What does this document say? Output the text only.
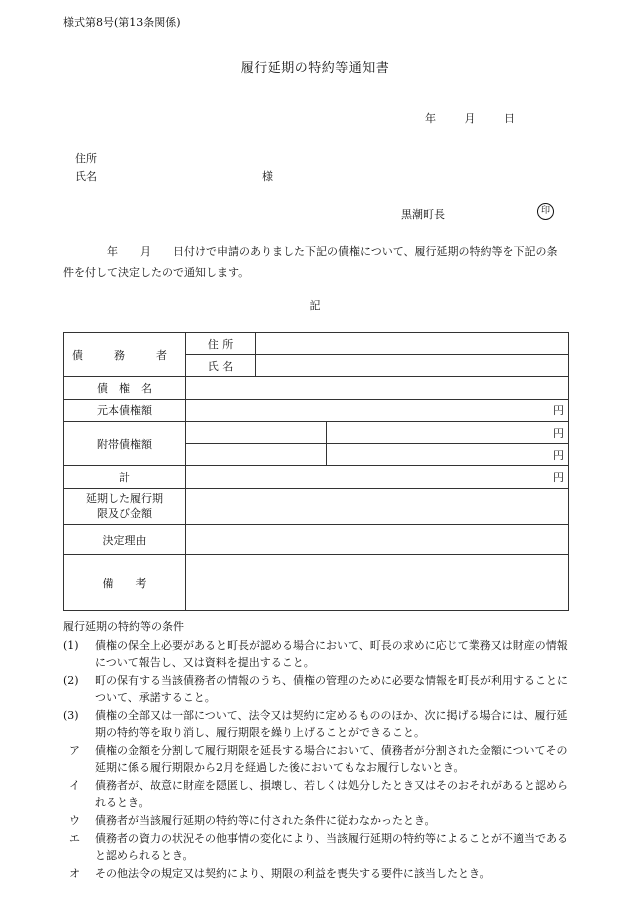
様式第8号(第13条関係)
履行延期の特約等通知書
年	月	日
住所
氏名	様
黒潮町長	印
　　　　年　　月　　日付けで申請のありました下記の債権について、履行延期の特約等を下記の条件を付して決定したので通知します。
記
債　務　者	住 所		
	氏 名		
債　権　名			
元本債権額	円		
附帯債権額			円
			円
計	円		
延期した履行期限及び金額			
決定理由			
備　　考			
履行延期の特約等の条件
(1)	債権の保全上必要があると町長が認める場合において、町長の求めに応じて業務又は財産の情報について報告し、又は資料を提出すること。
(2)	町の保有する当該債務者の情報のうち、債権の管理のために必要な情報を町長が利用することについて、承諾すること。
(3)	債権の全部又は一部について、法令又は契約に定めるもののほか、次に掲げる場合には、履行延期の特約等を取り消し、履行期限を繰り上げることができること。
ア 債権の金額を分割して履行期限を延長する場合において、債務者が分割された金額についてその延期に係る履行期限から2月を経過した後においてもなお履行しないとき。
イ 債務者が、故意に財産を隠匿し、損壊し、若しくは処分したとき又はそのおそれがあると認められるとき。
ウ 債務者が当該履行延期の特約等に付された条件に従わなかったとき。
エ 債務者の資力の状況その他事情の変化により、当該履行延期の特約等によることが不適当であると認められるとき。
オ その他法令の規定又は契約により、期限の利益を喪失する要件に該当したとき。
